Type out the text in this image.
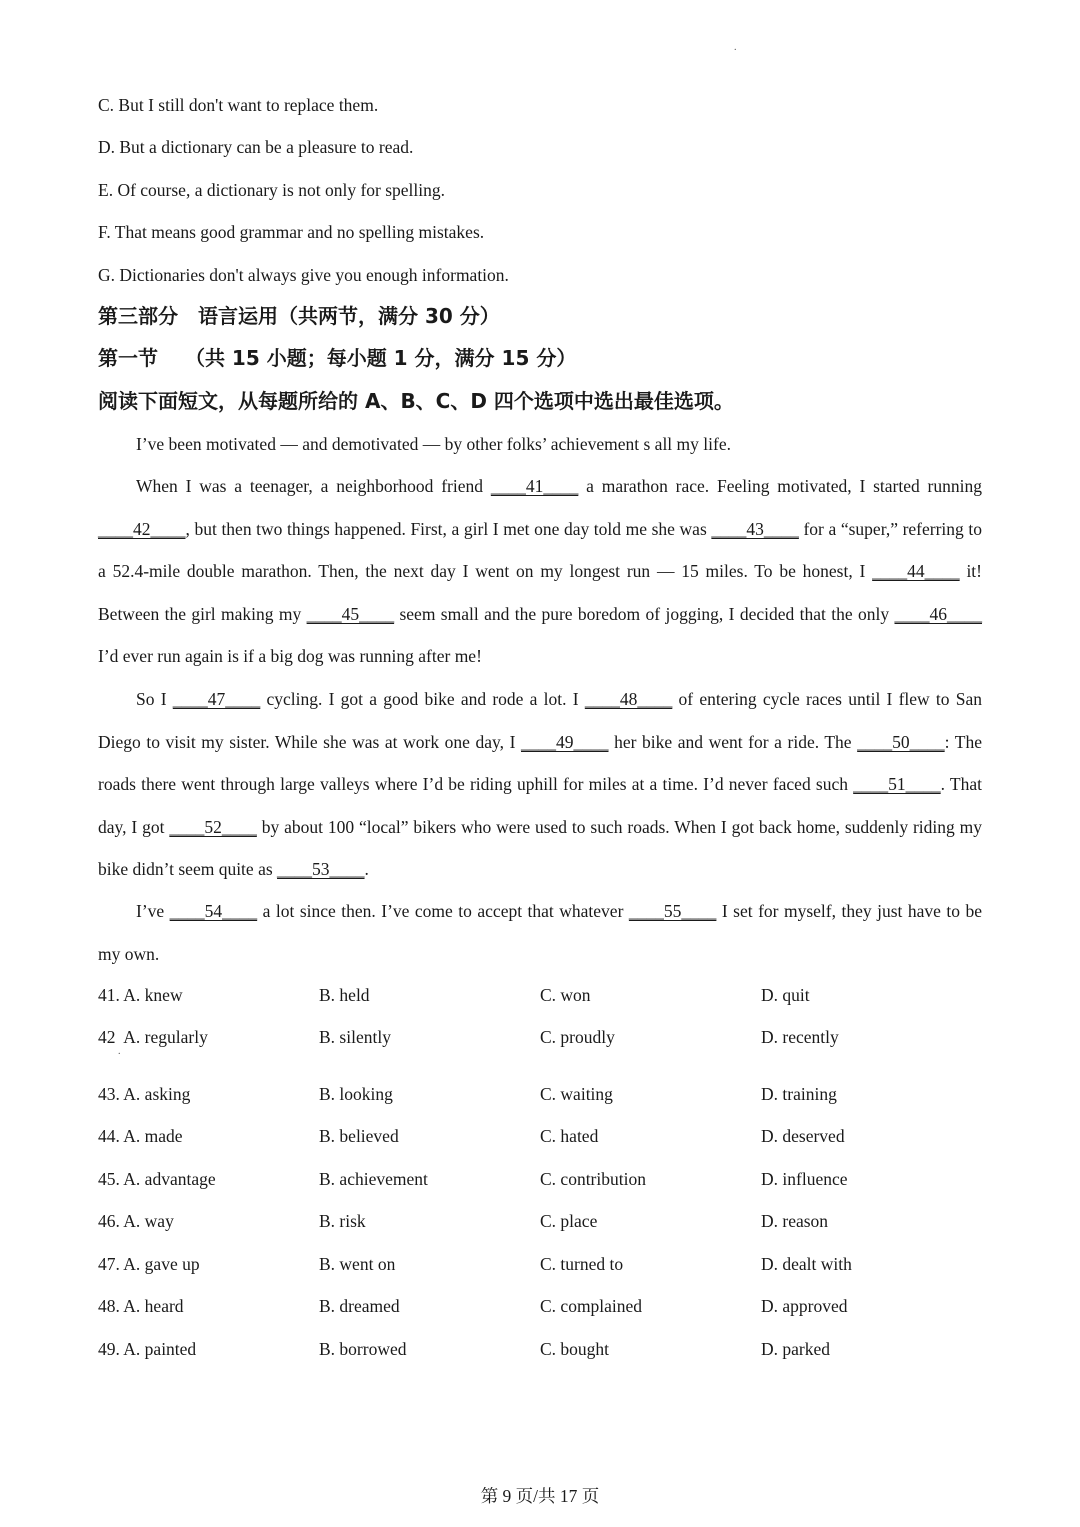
.
C. But I still don't want to replace them.
D. But a dictionary can be a pleasure to read.
E. Of course, a dictionary is not only for spelling.
F. That means good grammar and no spelling mistakes.
G. Dictionaries don't always give you enough information.
第三部分　语言运用（共两节，满分 30 分）
第一节　 （共 15 小题；每小题 1 分，满分 15 分）
阅读下面短文，从每题所给的 A、B、C、D 四个选项中选出最佳选项。
I’ve been motivated — and demotivated — by other folks’ achievement s all my life.
When I was a teenager, a neighborhood friend ____41____ a marathon race. Feeling motivated, I started running ____42____, but then two things happened. First, a girl I met one day told me she was ____43____ for a “super,” referring to a 52.4-mile double marathon. Then, the next day I went on my longest run — 15 miles. To be honest, I ____44____ it! Between the girl making my ____45____ seem small and the pure boredom of jogging, I decided that the only ____46____ I’d ever run again is if a big dog was running after me!
So I ____47____ cycling. I got a good bike and rode a lot. I ____48____ of entering cycle races until I flew to San Diego to visit my sister. While she was at work one day, I ____49____ her bike and went for a ride. The ____50____: The roads there went through large valleys where I’d be riding uphill for miles at a time. I’d never faced such ____51____. That day, I got ____52____ by about 100 “local” bikers who were used to such roads. When I got back home, suddenly riding my bike didn’t seem quite as ____53____.
I’ve ____54____ a lot since then. I’ve come to accept that whatever ____55____ I set for myself, they just have to be my own.
41. A. knew	B. held	C. won	D. quit
42  A. regularly	B. silently	C. proudly	D. recently
.
43. A. asking	B. looking	C. waiting	D. training
44. A. made	B. believed	C. hated	D. deserved
45. A. advantage	B. achievement	C. contribution	D. influence
46. A. way	B. risk	C. place	D. reason
47. A. gave up	B. went on	C. turned to	D. dealt with
48. A. heard	B. dreamed	C. complained	D. approved
49. A. painted	B. borrowed	C. bought	D. parked
第 9 页/共 17 页
